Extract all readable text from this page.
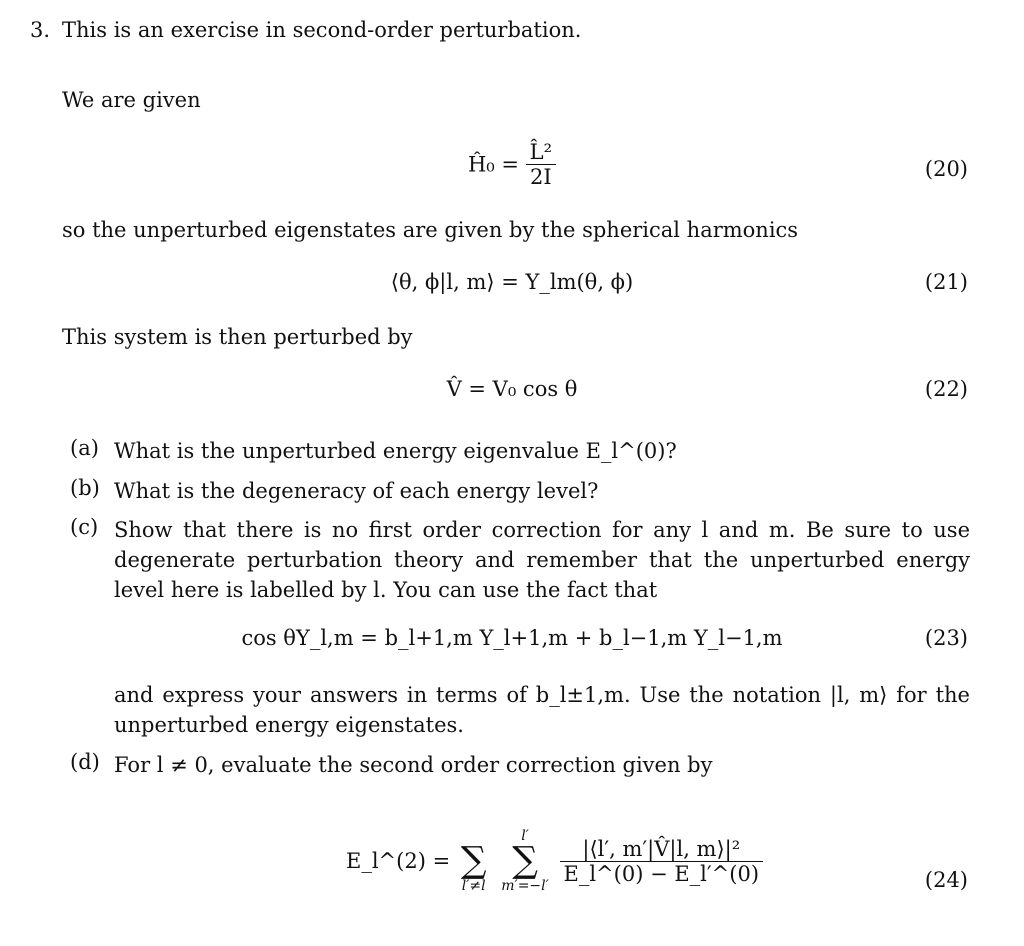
3. This is an exercise in second-order perturbation.
We are given
Ĥ₀ = $\frac{\text{L̂²}}{2I}$	(20)
so the unperturbed eigenstates are given by the spherical harmonics
⟨θ, ϕ|l, m⟩ = Y_lm(θ, ϕ)	(21)
This system is then perturbed by
V̂ = V₀ cos θ	(22)
(a) What is the unperturbed energy eigenvalue E_l^(0)?
(b) What is the degeneracy of each energy level?
(c) Show that there is no first order correction for any l and m. Be sure to use degenerate perturbation theory and remember that the unperturbed energy level here is labelled by l. You can use the fact that
cos θY_l,m = b_l+1,m Y_l+1,m + b_l−1,m Y_l−1,m	(23)
and express your answers in terms of b_l±1,m. Use the notation |l, m⟩ for the unperturbed energy eigenstates.
(d) For l ≠ 0, evaluate the second order correction given by
E_l^(2) =
∑
l′≠l

l′
∑
m′=−l′

$\frac{\text{|⟨l′, m′|V̂|l, m⟩|²}}{E\_l\^{}(0) - E\_l'\^{}(0)}$	(24)
